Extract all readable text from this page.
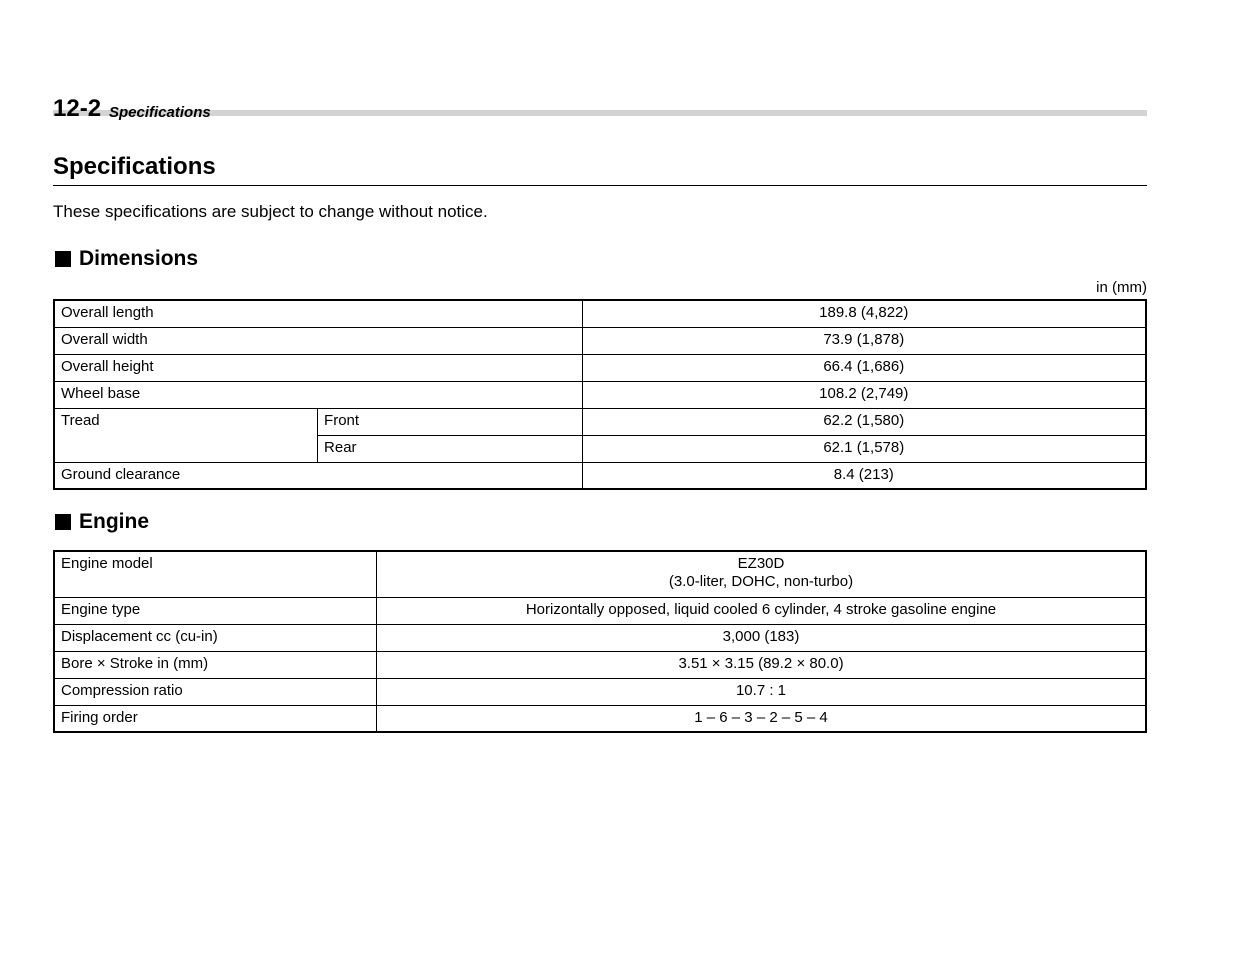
12-2 Specifications
Specifications

These specifications are subject to change without notice.

Dimensions
in (mm)
Overall length		189.8 (4,822)
Overall width		73.9 (1,878)
Overall height		66.4 (1,686)
Wheel base		108.2 (2,749)
Tread	Front	62.2 (1,580)
	Rear	62.1 (1,578)
Ground clearance		8.4 (213)
Engine
Engine model	EZ30D
(3.0-liter, DOHC, non-turbo)

Engine type	Horizontally opposed, liquid cooled 6 cylinder, 4 stroke gasoline engine
Displacement cc (cu-in)	3,000 (183)
Bore × Stroke in (mm)	3.51 × 3.15 (89.2 × 80.0)
Compression ratio	10.7 : 1
Firing order	1 – 6 – 3 – 2 – 5 – 4
